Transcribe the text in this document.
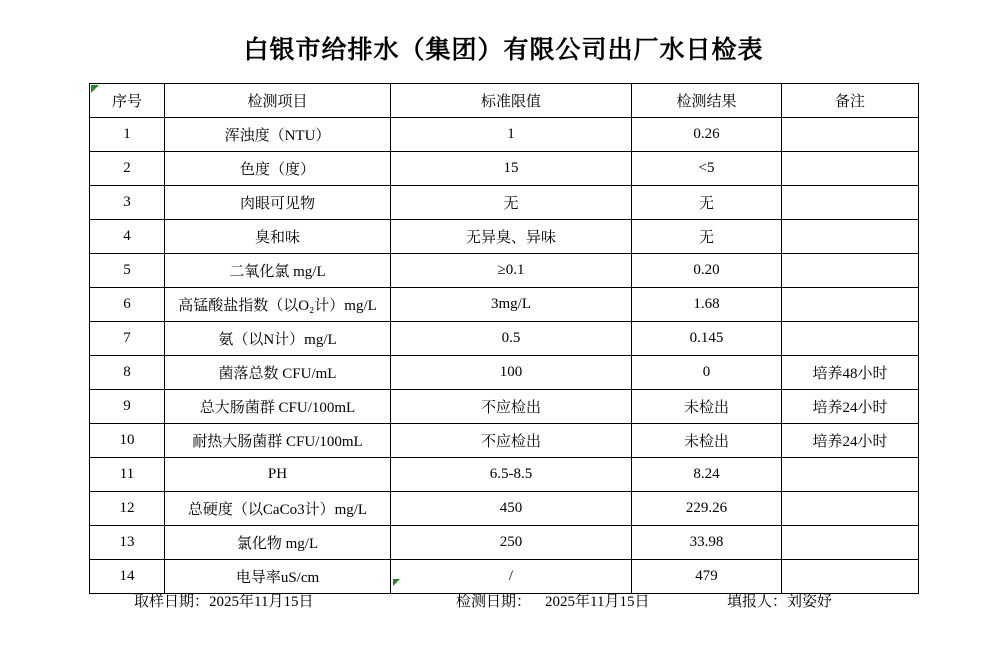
白银市给排水（集团）有限公司出厂水日检表
序号	检测项目	标准限值	检测结果	备注
1	浑浊度（NTU）	1	0.26	
2	色度（度）	15	<5	
3	肉眼可见物	无	无	
4	臭和味	无异臭、异味	无	
5	二氧化氯 mg/L	≥0.1	0.20	
6	高锰酸盐指数（以O₂计）mg/L	3mg/L	1.68	
7	氨（以N计）mg/L	0.5	0.145	
8	菌落总数 CFU/mL	100	0	培养48小时
9	总大肠菌群 CFU/100mL	不应检出	未检出	培养24小时
10	耐热大肠菌群 CFU/100mL	不应检出	未检出	培养24小时
11	PH	6.5-8.5	8.24	
12	总硬度（以CaCo3计）mg/L	450	229.26	
13	氯化物 mg/L	250	33.98	
14	电导率uS/cm	/	479	
取样日期：2025年11月15日	检测日期： 2025年11月15日	填报人：刘姿妤
